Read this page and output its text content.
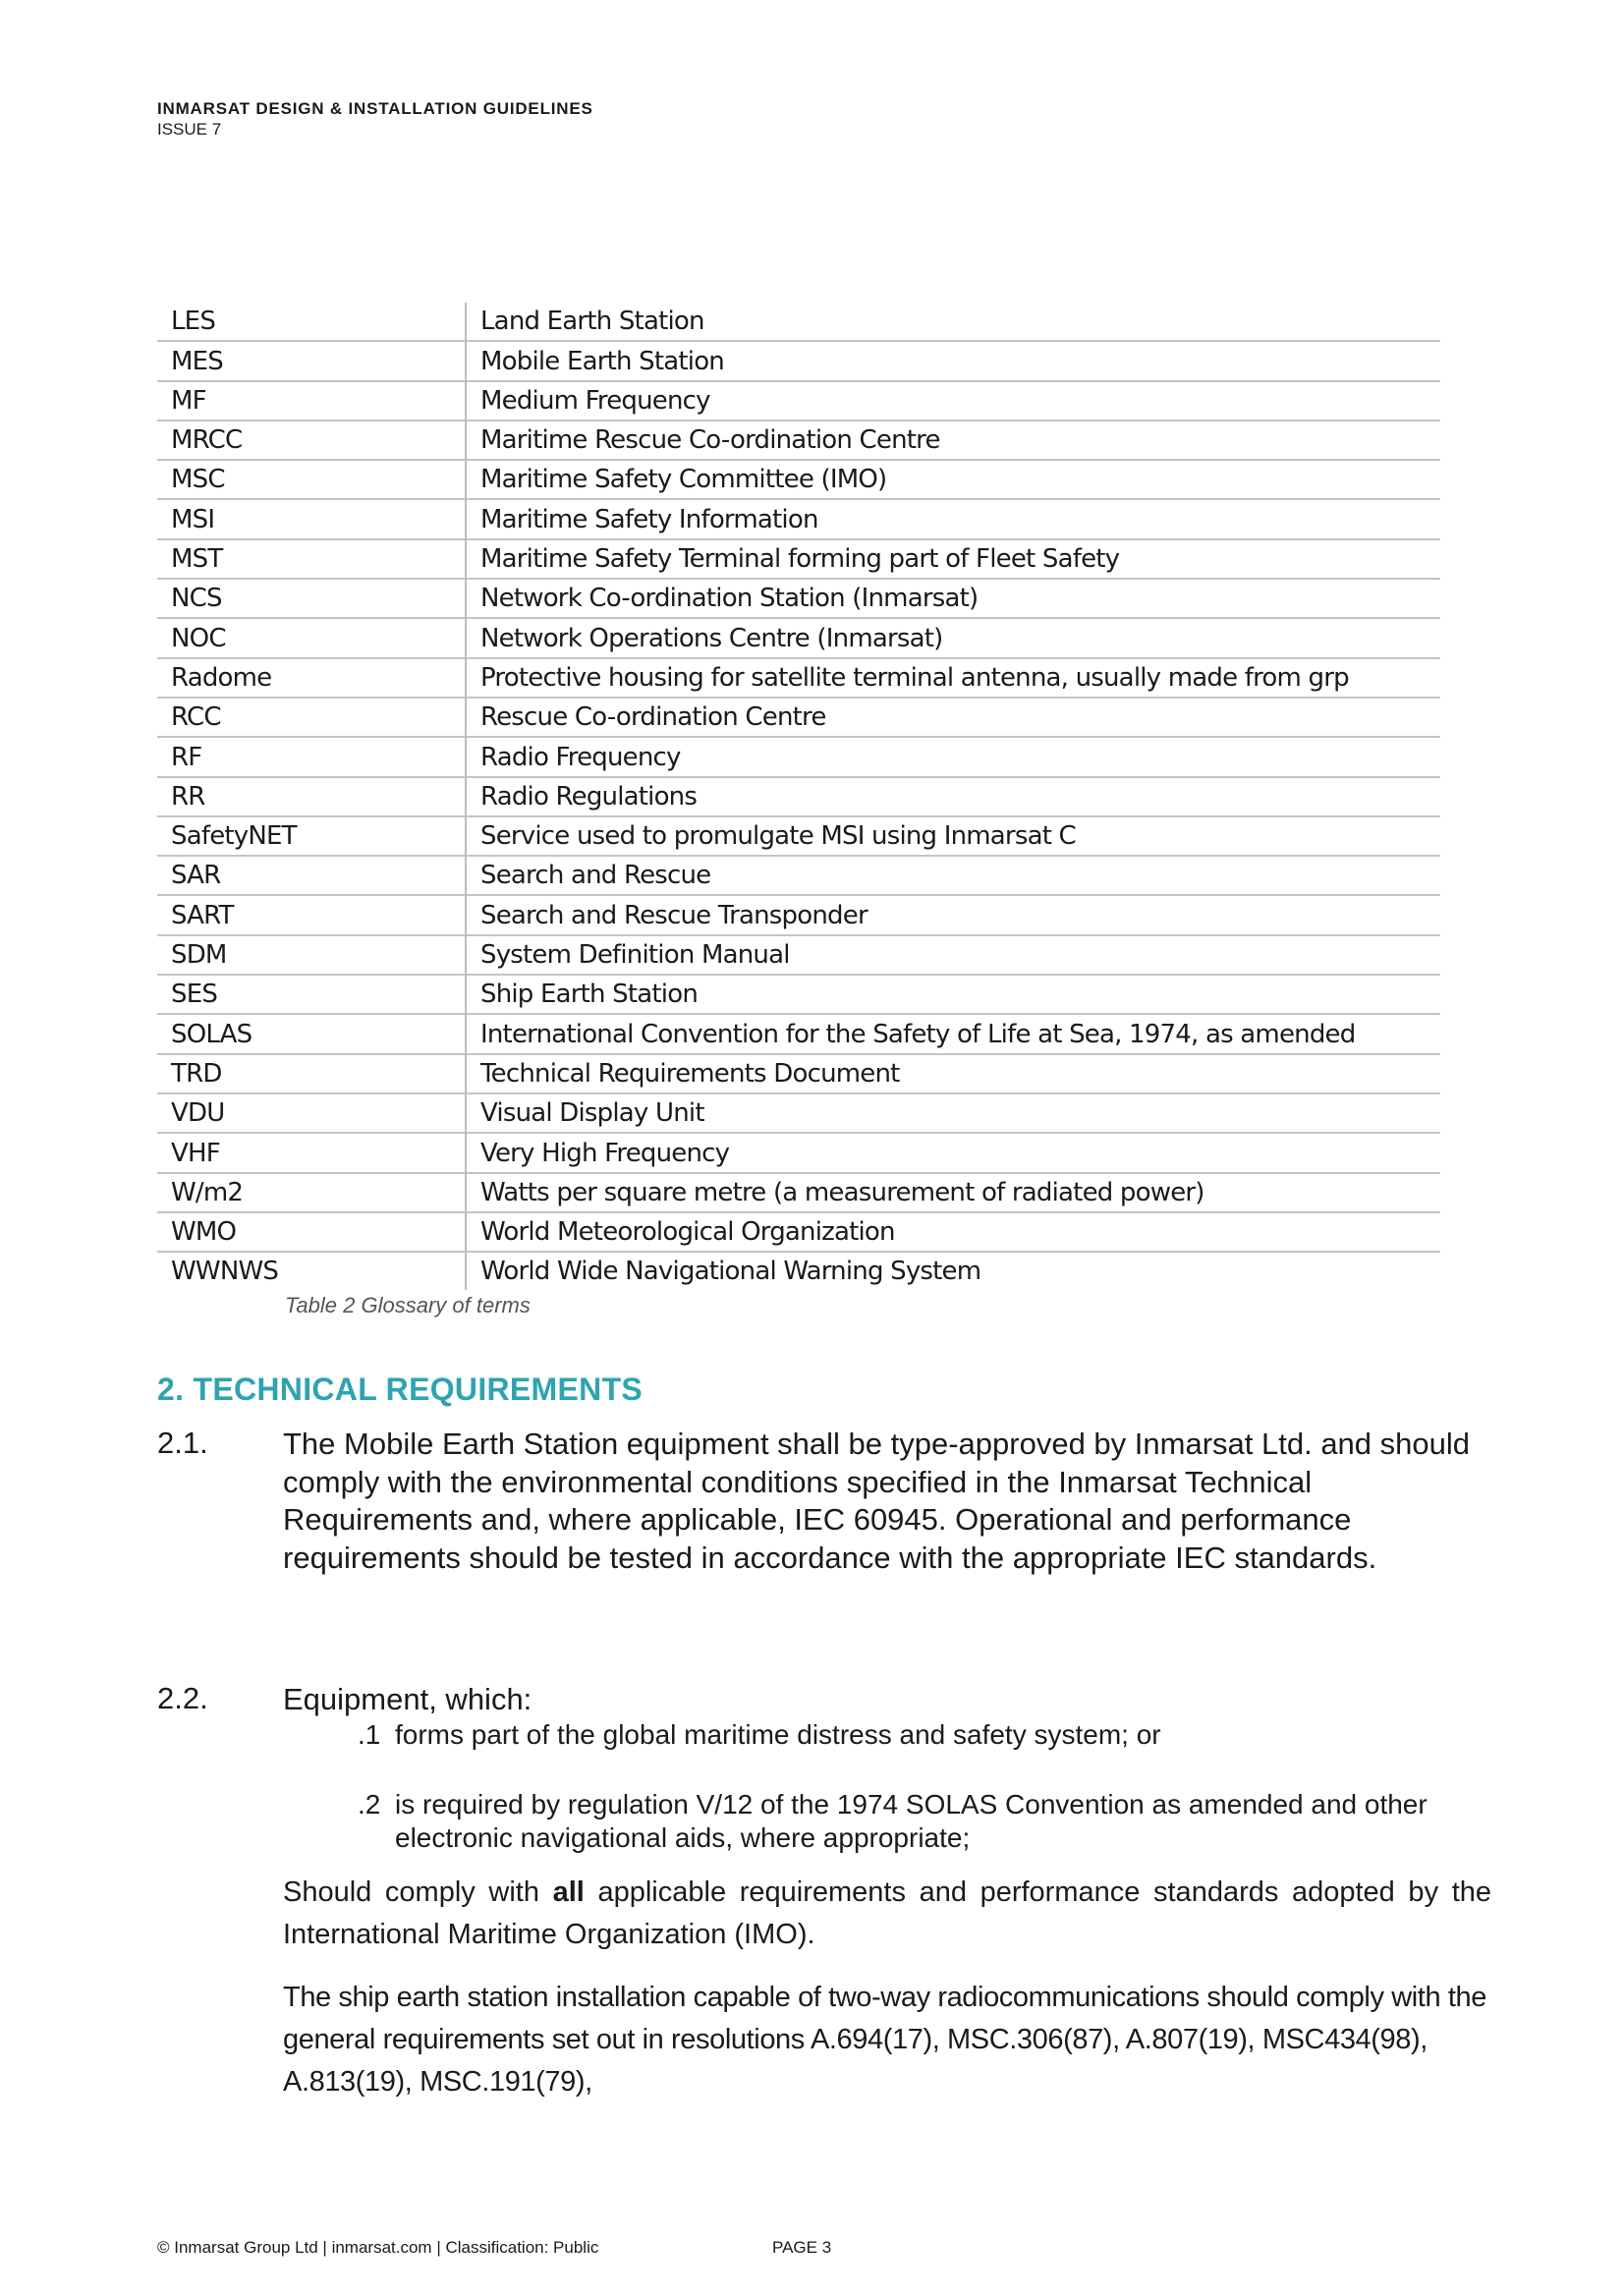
INMARSAT DESIGN & INSTALLATION GUIDELINES
ISSUE 7
LES	Land Earth Station
MES	Mobile Earth Station
MF	Medium Frequency
MRCC	Maritime Rescue Co-ordination Centre
MSC	Maritime Safety Committee (IMO)
MSI	Maritime Safety Information
MST	Maritime Safety Terminal forming part of Fleet Safety
NCS	Network Co-ordination Station (Inmarsat)
NOC	Network Operations Centre (Inmarsat)
Radome	Protective housing for satellite terminal antenna, usually made from grp
RCC	Rescue Co-ordination Centre
RF	Radio Frequency
RR	Radio Regulations
SafetyNET	Service used to promulgate MSI using Inmarsat C
SAR	Search and Rescue
SART	Search and Rescue Transponder
SDM	System Definition Manual
SES	Ship Earth Station
SOLAS	International Convention for the Safety of Life at Sea, 1974, as amended
TRD	Technical Requirements Document
VDU	Visual Display Unit
VHF	Very High Frequency
W/m2	Watts per square metre (a measurement of radiated power)
WMO	World Meteorological Organization
WWNWS	World Wide Navigational Warning System
Table 2 Glossary of terms
2. TECHNICAL REQUIREMENTS
2.1. The Mobile Earth Station equipment shall be type-approved by Inmarsat Ltd. and should comply with the environmental conditions specified in the Inmarsat Technical Requirements and, where applicable, IEC 60945. Operational and performance requirements should be tested in accordance with the appropriate IEC standards.
2.2. Equipment, which:
.1 forms part of the global maritime distress and safety system; or
.2 is required by regulation V/12 of the 1974 SOLAS Convention as amended and other electronic navigational aids, where appropriate;
Should comply with all applicable requirements and performance standards adopted by the International Maritime Organization (IMO).
The ship earth station installation capable of two-way radiocommunications should comply with the general requirements set out in resolutions A.694(17), MSC.306(87), A.807(19), MSC434(98), A.813(19), MSC.191(79),
© Inmarsat Group Ltd | inmarsat.com | Classification: Public	PAGE 3
